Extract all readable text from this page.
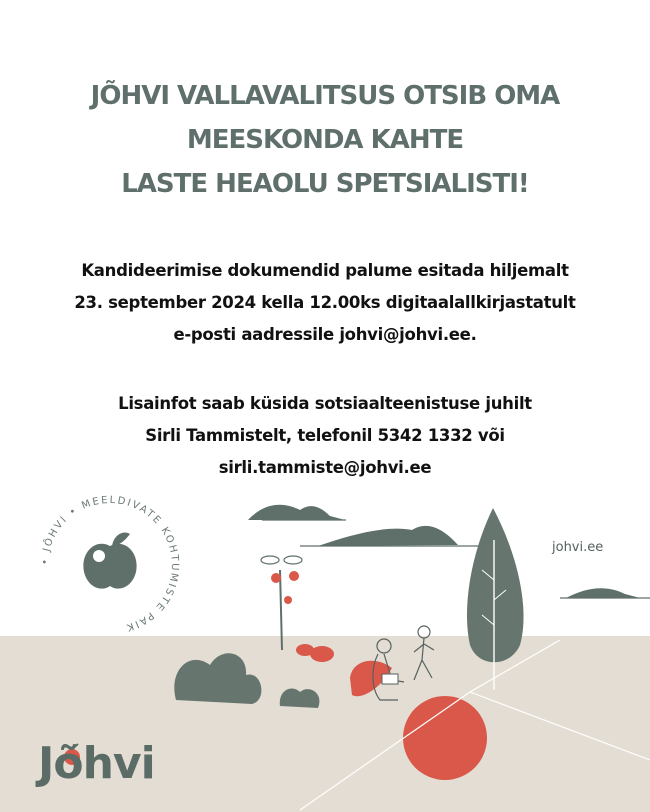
JÕHVI VALLAVALITSUS OTSIB OMA
MEESKONDA KAHTE
LASTE HEAOLU SPETSIALISTI!
Kandideerimise dokumendid palume esitada hiljemalt
23. september 2024 kella 12.00ks digitaalallkirjastatult
e-posti aadressile johvi@johvi.ee.
Lisainfot saab küsida sotsiaalteenistuse juhilt
Sirli Tammistelt, telefonil 5342 1332 või
sirli.tammiste@johvi.ee
• JÕHVI • MEELDIVATE KOHTUMISTE PAIK
johvi.ee
Jõhvi
